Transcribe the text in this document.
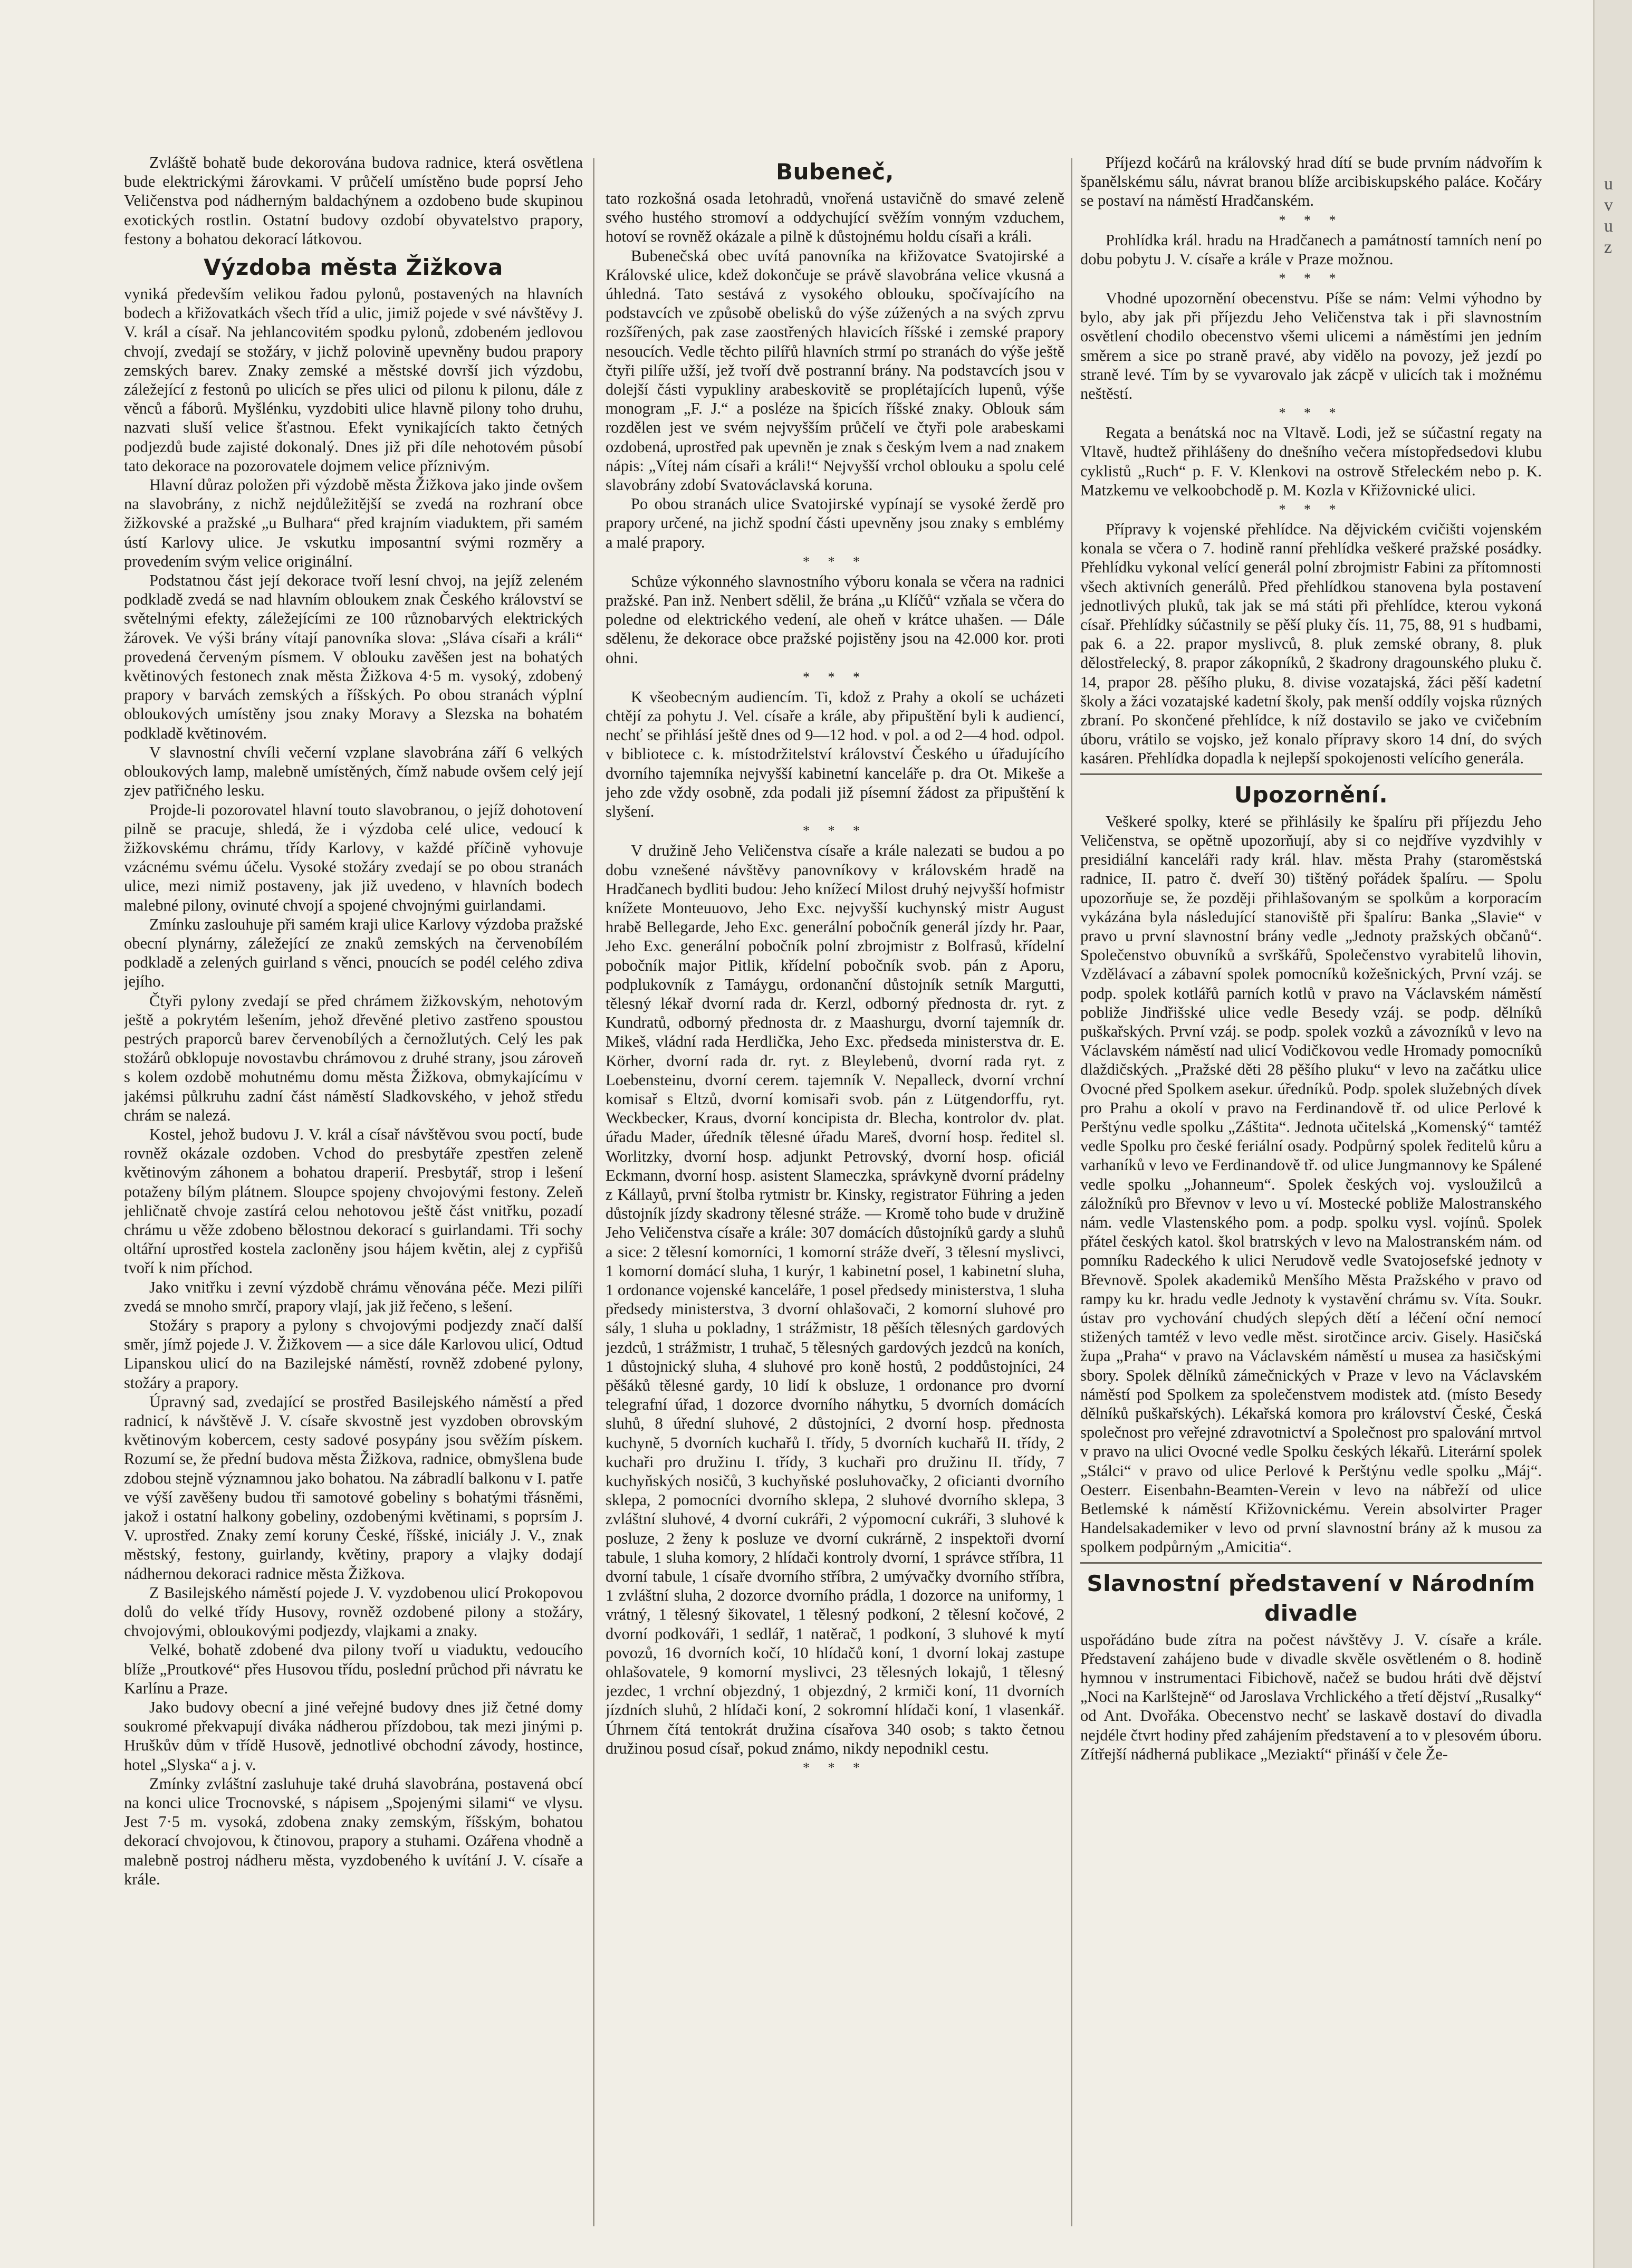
u
v
u
z

Zvláště bohatě bude dekorována budova radnice, která osvětlena bude elektrickými žárovkami. V průčelí umístěno bude poprsí Jeho Veličenstva pod nádherným baldachýnem a ozdobeno bude skupinou exotických rostlin. Ostatní budovy ozdobí obyvatelstvo prapory, festony a bohatou dekorací látkovou.

Výzdoba města Žižkova

vyniká především velikou řadou pylonů, postavených na hlavních bodech a křižovatkách všech tříd a ulic, jimiž pojede v své návštěvy J. V. král a císař. Na jehlancovitém spodku pylonů, zdobeném jedlovou chvojí, zvedají se stožáry, v jichž polovině upevněny budou prapory zemských barev. Znaky zemské a městské dovrší jich výzdobu, záležející z festonů po ulicích se přes ulici od pilonu k pilonu, dále z věnců a fáborů. Myšlénku, vyzdobiti ulice hlavně pilony toho druhu, nazvati sluší velice šťastnou. Efekt vynikajících takto četných podjezdů bude zajisté dokonalý. Dnes již při díle nehotovém působí tato dekorace na pozorovatele dojmem velice příznivým.

Hlavní důraz položen při výzdobě města Žižkova jako jinde ovšem na slavobrány, z nichž nejdůležitější se zvedá na rozhraní obce žižkovské a pražské „u Bulhara“ před krajním viaduktem, při samém ústí Karlovy ulice. Je vskutku imposantní svými rozměry a provedením svým velice originální.

Podstatnou část její dekorace tvoří lesní chvoj, na jejíž zeleném podkladě zvedá se nad hlavním obloukem znak Českého království se světelnými efekty, záležejícími ze 100 různobarvých elektrických žárovek. Ve výši brány vítají panovníka slova: „Sláva císaři a králi“ provedená červeným písmem. V oblouku zavěšen jest na bohatých květinových festonech znak města Žižkova 4·5 m. vysoký, zdobený prapory v barvách zemských a říšských. Po obou stranách výplní obloukových umístěny jsou znaky Moravy a Slezska na bohatém podkladě květinovém.

V slavnostní chvíli večerní vzplane slavobrána září 6 velkých obloukových lamp, malebně umístěných, čímž nabude ovšem celý její zjev patřičného lesku.

Projde-li pozorovatel hlavní touto slavobranou, o jejíž dohotovení pilně se pracuje, shledá, že i výzdoba celé ulice, vedoucí k žižkovskému chrámu, třídy Karlovy, v každé příčině vyhovuje vzácnému svému účelu. Vysoké stožáry zvedají se po obou stranách ulice, mezi nimiž postaveny, jak již uvedeno, v hlavních bodech malebné pilony, ovinuté chvojí a spojené chvojnými guirlandami.

Zmínku zaslouhuje při samém kraji ulice Karlovy výzdoba pražské obecní plynárny, záležející ze znaků zemských na červenobílém podkladě a zelených guirland s věnci, pnoucích se podél celého zdiva jejího.

Čtyři pylony zvedají se před chrámem žižkovským, nehotovým ještě a pokrytém lešením, jehož dřevěné pletivo zastřeno spoustou pestrých praporců barev červenobílých a černožlutých. Celý les pak stožárů obklopuje novostavbu chrámovou z druhé strany, jsou zároveň s kolem ozdobě mohutnému domu města Žižkova, obmykajícímu v jakémsi půlkruhu zadní část náměstí Sladkovského, v jehož středu chrám se nalezá.

Kostel, jehož budovu J. V. král a císař návštěvou svou poctí, bude rovněž okázale ozdoben. Vchod do presbytáře zpestřen zeleně květinovým záhonem a bohatou draperií. Presbytář, strop i lešení potaženy bílým plátnem. Sloupce spojeny chvojovými festony. Zeleň jehličnatě chvoje zastírá celou nehotovou ještě část vnitřku, pozadí chrámu u věže zdobeno bělostnou dekorací s guirlandami. Tři sochy oltářní uprostřed kostela zacloněny jsou hájem květin, alej z cypřišů tvoří k nim příchod.

Jako vnitřku i zevní výzdobě chrámu věnována péče. Mezi pilíři zvedá se mnoho smrčí, prapory vlají, jak již řečeno, s lešení.

Stožáry s prapory a pylony s chvojovými podjezdy značí další směr, jímž pojede J. V. Žižkovem — a sice dále Karlovou ulicí, Odtud Lipanskou ulicí do na Bazilejské náměstí, rovněž zdobené pylony, stožáry a prapory.

Úpravný sad, zvedající se prostřed Basilejského náměstí a před radnicí, k návštěvě J. V. císaře skvostně jest vyzdoben obrovským květinovým kobercem, cesty sadové posypány jsou svěžím pískem. Rozumí se, že přední budova města Žižkova, radnice, obmyšlena bude zdobou stejně významnou jako bohatou. Na zábradlí balkonu v I. patře ve výší zavěšeny budou tři samotové gobeliny s bohatými třásněmi, jakož i ostatní halkony gobeliny, ozdobenými květinami, s poprsím J. V. uprostřed. Znaky zemí koruny České, říšské, iniciály J. V., znak městský, festony, guirlandy, květiny, prapory a vlajky dodají nádhernou dekoraci radnice města Žižkova.

Z Basilejského náměstí pojede J. V. vyzdobenou ulicí Prokopovou dolů do velké třídy Husovy, rovněž ozdobené pilony a stožáry, chvojovými, obloukovými podjezdy, vlajkami a znaky.

Velké, bohatě zdobené dva pilony tvoří u viaduktu, vedoucího blíže „Proutkové“ přes Husovou třídu, poslední průchod při návratu ke Karlínu a Praze.

Jako budovy obecní a jiné veřejné budovy dnes již četné domy soukromé překvapují diváka nádherou přízdobou, tak mezi jinými p. Hruškův dům v třídě Husově, jednotlivé obchodní závody, hostince, hotel „Slyska“ a j. v.

Zmínky zvláštní zasluhuje také druhá slavobrána, postavená obcí na konci ulice Trocnovské, s nápisem „Spojenými silami“ ve vlysu. Jest 7·5 m. vysoká, zdobena znaky zemským, říšským, bohatou dekorací chvojovou, k čtinovou, prapory a stuhami. Ozářena vhodně a malebně postroj nádheru města, vyzdobeného k uvítání J. V. císaře a krále.

Bubeneč,

tato rozkošná osada letohradů, vnořená ustavičně do smavé zeleně svého hustého stromoví a oddychující svěžím vonným vzduchem, hotoví se rovněž okázale a pilně k důstojnému holdu císaři a králi.

Bubenečská obec uvítá panovníka na křižovatce Svatojirské a Královské ulice, kdež dokončuje se právě slavobrána velice vkusná a úhledná. Tato sestává z vysokého oblouku, spočívajícího na podstavcích ve způsobě obelisků do výše zúžených a na svých zprvu rozšířených, pak zase zaostřených hlavicích říšské i zemské prapory nesoucích. Vedle těchto pilířů hlavních strmí po stranách do výše ještě čtyři pilíře užší, jež tvoří dvě postranní brány. Na podstavcích jsou v dolejší části vypukliny arabeskovitě se proplétajících lupenů, výše monogram „F. J.“ a posléze na špicích říšské znaky. Oblouk sám rozdělen jest ve svém nejvyšším průčelí ve čtyři pole arabeskami ozdobená, uprostřed pak upevněn je znak s českým lvem a nad znakem nápis: „Vítej nám císaři a králi!“ Nejvyšší vrchol oblouku a spolu celé slavobrány zdobí Svatováclavská koruna.

Po obou stranách ulice Svatojirské vypínají se vysoké žerdě pro prapory určené, na jichž spodní části upevněny jsou znaky s emblémy a malé prapory.

* * *

Schůze výkonného slavnostního výboru konala se včera na radnici pražské. Pan inž. Nenbert sdělil, že brána „u Klíčů“ vzňala se včera do poledne od elektrického vedení, ale oheň v krátce uhašen. — Dále sdělenu, že dekorace obce pražské pojistěny jsou na 42.000 kor. proti ohni.

* * *

K všeobecným audiencím. Ti, kdož z Prahy a okolí se ucházeti chtějí za pohytu J. Vel. císaře a krále, aby připuštění byli k audiencí, nechť se přihlásí ještě dnes od 9—12 hod. v pol. a od 2—4 hod. odpol. v bibliotece c. k. místodržitelství království Českého u úřadujícího dvorního tajemníka nejvyšší kabinetní kanceláře p. dra Ot. Mikeše a jeho zde vždy osobně, zda podali již písemní žádost za připuštění k slyšení.

* * *

V družině Jeho Veličenstva císaře a krále nalezati se budou a po dobu vznešené návštěvy panovníkovy v královském hradě na Hradčanech bydliti budou: Jeho knížecí Milost druhý nejvyšší hofmistr knížete Monteuuovo, Jeho Exc. nejvyšší kuchynský mistr August hrabě Bellegarde, Jeho Exc. generální pobočník generál jízdy hr. Paar, Jeho Exc. generální pobočník polní zbrojmistr z Bolfrasů, křídelní pobočník major Pitlik, křídelní pobočník svob. pán z Aporu, podplukovník z Tamáygu, ordonanční důstojník setník Margutti, tělesný lékař dvorní rada dr. Kerzl, odborný přednosta dr. ryt. z Kundratů, odborný přednosta dr. z Maashurgu, dvorní tajemník dr. Mikeš, vládní rada Herdlička, Jeho Exc. předseda ministerstva dr. E. Körher, dvorní rada dr. ryt. z Bleylebenů, dvorní rada ryt. z Loebensteinu, dvorní cerem. tajemník V. Nepalleck, dvorní vrchní komisař s Eltzů, dvorní komisaři svob. pán z Lütgendorffu, ryt. Weckbecker, Kraus, dvorní koncipista dr. Blecha, kontrolor dv. plat. úřadu Mader, úředník tělesné úřadu Mareš, dvorní hosp. ředitel sl. Worlitzky, dvorní hosp. adjunkt Petrovský, dvorní hosp. oficiál Eckmann, dvorní hosp. asistent Slameczka, správkyně dvorní prádelny z Kállayů, první štolba rytmistr br. Kinsky, registrator Führing a jeden důstojník jízdy skadrony tělesné stráže. — Kromě toho bude v družině Jeho Veličenstva císaře a krále: 307 domácích důstojníků gardy a sluhů a sice: 2 tělesní komorníci, 1 komorní stráže dveří, 3 tělesní myslivci, 1 komorní domácí sluha, 1 kurýr, 1 kabinetní posel, 1 kabinetní sluha, 1 ordonance vojenské kanceláře, 1 posel předsedy ministerstva, 1 sluha předsedy ministerstva, 3 dvorní ohlašovači, 2 komorní sluhové pro sály, 1 sluha u pokladny, 1 strážmistr, 18 pěších tělesných gardových jezdců, 1 strážmistr, 1 truhač, 5 tělesných gardových jezdců na koních, 1 důstojnický sluha, 4 sluhové pro koně hostů, 2 poddůstojníci, 24 pěšáků tělesné gardy, 10 lidí k obsluze, 1 ordonance pro dvorní telegrafní úřad, 1 dozorce dvorního náhytku, 5 dvorních domácích sluhů, 8 úřední sluhové, 2 důstojníci, 2 dvorní hosp. přednosta kuchyně, 5 dvorních kuchařů I. třídy, 5 dvorních kuchařů II. třídy, 2 kuchaři pro družinu I. třídy, 3 kuchaři pro družinu II. třídy, 7 kuchyňských nosičů, 3 kuchyňské posluhovačky, 2 oficianti dvorního sklepa, 2 pomocníci dvorního sklepa, 2 sluhové dvorního sklepa, 3 zvláštní sluhové, 4 dvorní cukráři, 2 výpomocní cukráři, 3 sluhové k posluze, 2 ženy k posluze ve dvorní cukrárně, 2 inspektoři dvorní tabule, 1 sluha komory, 2 hlídači kontroly dvorní, 1 správce stříbra, 11 dvorní tabule, 1 císaře dvorního stříbra, 2 umývačky dvorního stříbra, 1 zvláštní sluha, 2 dozorce dvorního prádla, 1 dozorce na uniformy, 1 vrátný, 1 tělesný šikovatel, 1 tělesný podkoní, 2 tělesní kočové, 2 dvorní podkováři, 1 sedlář, 1 natěrač, 1 podkoní, 3 sluhové k mytí povozů, 16 dvorních kočí, 10 hlídačů koní, 1 dvorní lokaj zastupe ohlašovatele, 9 komorní myslivci, 23 tělesných lokajů, 1 tělesný jezdec, 1 vrchní objezdný, 1 objezdný, 2 krmiči koní, 11 dvorních jízdních sluhů, 2 hlídači koní, 2 sokromní hlídači koní, 1 vlasenkář. Úhrnem čítá tentokrát družina císařova 340 osob; s takto četnou družinou posud císař, pokud známo, nikdy nepodnikl cestu.

* * *

Příjezd kočárů na královský hrad dítí se bude prvním nádvořím k španělskému sálu, návrat branou blíže arcibiskupského paláce. Kočáry se postaví na náměstí Hradčanském.

* * *

Prohlídka král. hradu na Hradčanech a památností tamních není po dobu pobytu J. V. císaře a krále v Praze možnou.

* * *

Vhodné upozornění obecenstvu. Píše se nám: Velmi výhodno by bylo, aby jak při příjezdu Jeho Veličenstva tak i při slavnostním osvětlení chodilo obecenstvo všemi ulicemi a náměstími jen jedním směrem a sice po straně pravé, aby vidělo na povozy, jež jezdí po straně levé. Tím by se vyvarovalo jak zácpě v ulicích tak i možnému neštěstí.

* * *

Regata a benátská noc na Vltavě. Lodi, jež se súčastní regaty na Vltavě, hudtež přihlášeny do dnešního večera místopředsedovi klubu cyklistů „Ruch“ p. F. V. Klenkovi na ostrově Střeleckém nebo p. K. Matzkemu ve velkoobchodě p. M. Kozla v Křižovnické ulici.

* * *

Přípravy k vojenské přehlídce. Na dějvickém cvičišti vojenském konala se včera o 7. hodině ranní přehlídka veškeré pražské posádky. Přehlídku vykonal velící generál polní zbrojmistr Fabini za přítomnosti všech aktivních generálů. Před přehlídkou stanovena byla postavení jednotlivých pluků, tak jak se má státi při přehlídce, kterou vykoná císař. Přehlídky súčastnily se pěší pluky čís. 11, 75, 88, 91 s hudbami, pak 6. a 22. prapor myslivců, 8. pluk zemské obrany, 8. pluk dělostřelecký, 8. prapor zákopníků, 2 škadrony dragounského pluku č. 14, prapor 28. pěšího pluku, 8. divise vozatajská, žáci pěší kadetní školy a žáci vozatajské kadetní školy, pak menší oddíly vojska různých zbraní. Po skončené přehlídce, k níž dostavilo se jako ve cvičebním úboru, vrátilo se vojsko, jež konalo přípravy skoro 14 dní, do svých kasáren. Přehlídka dopadla k nejlepší spokojenosti velícího generála.

Upozornění.

Veškeré spolky, které se přihlásily ke špalíru při příjezdu Jeho Veličenstva, se opětně upozorňují, aby si co nejdříve vyzdvihly v presidiální kanceláři rady král. hlav. města Prahy (staroměstská radnice, II. patro č. dveří 30) tištěný pořádek špalíru. — Spolu upozorňuje se, že později přihlašovaným se spolkům a korporacím vykázána byla následující stanoviště při špalíru: Banka „Slavie“ v pravo u první slavnostní brány vedle „Jednoty pražských občanů“. Společenstvo obuvníků a svrškářů, Společenstvo vyrabitelů lihovin, Vzdělávací a zábavní spolek pomocníků kožešnických, První vzáj. se podp. spolek kotlářů parních kotlů v pravo na Václavském náměstí pobliže Jindřišské ulice vedle Besedy vzáj. se podp. dělníků puškařských. První vzáj. se podp. spolek vozků a závozníků v levo na Václavském náměstí nad ulicí Vodičkovou vedle Hromady pomocníků dlaždičských. „Pražské děti 28 pěšího pluku“ v levo na začátku ulice Ovocné před Spolkem asekur. úředníků. Podp. spolek služebných dívek pro Prahu a okolí v pravo na Ferdinandově tř. od ulice Perlové k Perštýnu vedle spolku „Záštita“. Jednota učitelská „Komenský“ tamtéž vedle Spolku pro české feriální osady. Podpůrný spolek ředitelů kůru a varhaníků v levo ve Ferdinandově tř. od ulice Jungmannovy ke Spálené vedle spolku „Johanneum“. Spolek českých voj. vysloužilců a záložníků pro Břevnov v levo u ví. Mostecké pobliže Malostranského nám. vedle Vlastenského pom. a podp. spolku vysl. vojínů. Spolek přátel českých katol. škol bratrských v levo na Malostranském nám. od pomníku Radeckého k ulici Nerudově vedle Svatojosefské jednoty v Břevnově. Spolek akademiků Menšího Města Pražského v pravo od rampy ku kr. hradu vedle Jednoty k vystavění chrámu sv. Víta. Soukr. ústav pro vychování chudých slepých dětí a léčení oční nemocí stižených tamtéž v levo vedle měst. sirotčince arciv. Gisely. Hasičská župa „Praha“ v pravo na Václavském náměstí u musea za hasičskými sbory. Spolek dělníků zámečnických v Praze v levo na Václavském náměstí pod Spolkem za společenstvem modistek atd. (místo Besedy dělníků puškařských). Lékařská komora pro království České, Česká společnost pro veřejné zdravotnictví a Společnost pro spalování mrtvol v pravo na ulici Ovocné vedle Spolku českých lékařů. Literární spolek „Stálci“ v pravo od ulice Perlové k Perštýnu vedle spolku „Máj“. Oesterr. Eisenbahn-Beamten-Verein v levo na nábřeží od ulice Betlemské k náměstí Křižovnickému. Verein absolvirter Prager Handelsakademiker v levo od první slavnostní brány až k musou za spolkem podpůrným „Amicitia“.

Slavnostní představení v Národním divadle

uspořádáno bude zítra na počest návštěvy J. V. císaře a krále. Představení zahájeno bude v divadle skvěle osvětleném o 8. hodině hymnou v instrumentaci Fibichově, načež se budou hráti dvě dějství „Noci na Karlštejně“ od Jaroslava Vrchlického a třetí dějství „Rusalky“ od Ant. Dvořáka. Obecenstvo nechť se laskavě dostaví do divadla nejdéle čtvrt hodiny před zahájením představení a to v plesovém úboru. Zítřejší nádherná publikace „Meziaktí“ přináší v čele Že-
